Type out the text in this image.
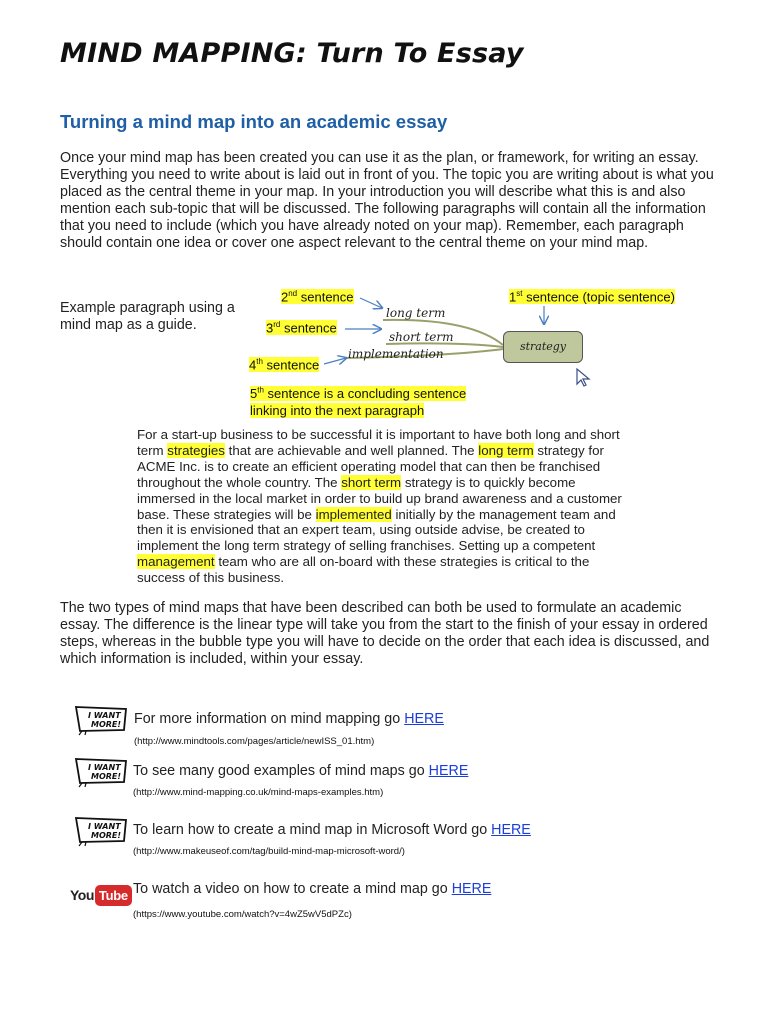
MIND MAPPING: Turn To Essay
Turning a mind map into an academic essay

Once your mind map has been created you can use it as the plan, or framework, for writing an essay. Everything you need to write about is laid out in front of you. The topic you are writing about is what you placed as the central theme in your map. In your introduction you will describe what this is and also mention each sub-topic that will be discussed. The following paragraphs will contain all the information that you need to include (which you have already noted on your map). Remember, each paragraph should contain one idea or cover one aspect relevant to the central theme on your mind map.

Example paragraph using a mind map as a guide.
2nd sentence
3rd sentence
4th sentence
1st sentence (topic sentence)
long term
short term
implementation
strategy
5th sentence is a concluding sentence
linking into the next paragraph

For a start-up business to be successful it is important to have both long and short term strategies that are achievable and well planned. The long term strategy for ACME Inc. is to create an efficient operating model that can then be franchised throughout the whole country. The short term strategy is to quickly become immersed in the local market in order to build up brand awareness and a customer base. These strategies will be implemented initially by the management team and then it is envisioned that an expert team, using outside advise, be created to implement the long term strategy of selling franchises. Setting up a competent management team who are all on-board with these strategies is critical to the success of this business.

The two types of mind maps that have been described can both be used to formulate an academic essay. The difference is the linear type will take you from the start to the finish of your essay in ordered steps, whereas in the bubble type you will have to decide on the order that each idea is discussed, and which information is included, within your essay.

I WANT
MORE! For more information on mind mapping go HERE
(http://www.mindtools.com/pages/article/newISS_01.htm)
I WANT
MORE! To see many good examples of mind maps go HERE
(http://www.mind-mapping.co.uk/mind-maps-examples.htm)
I WANT
MORE! To learn how to create a mind map in Microsoft Word go HERE
(http://www.makeuseof.com/tag/build-mind-map-microsoft-word/)
You Tube To watch a video on how to create a mind map go HERE
(https://www.youtube.com/watch?v=4wZ5wV5dPZc)
